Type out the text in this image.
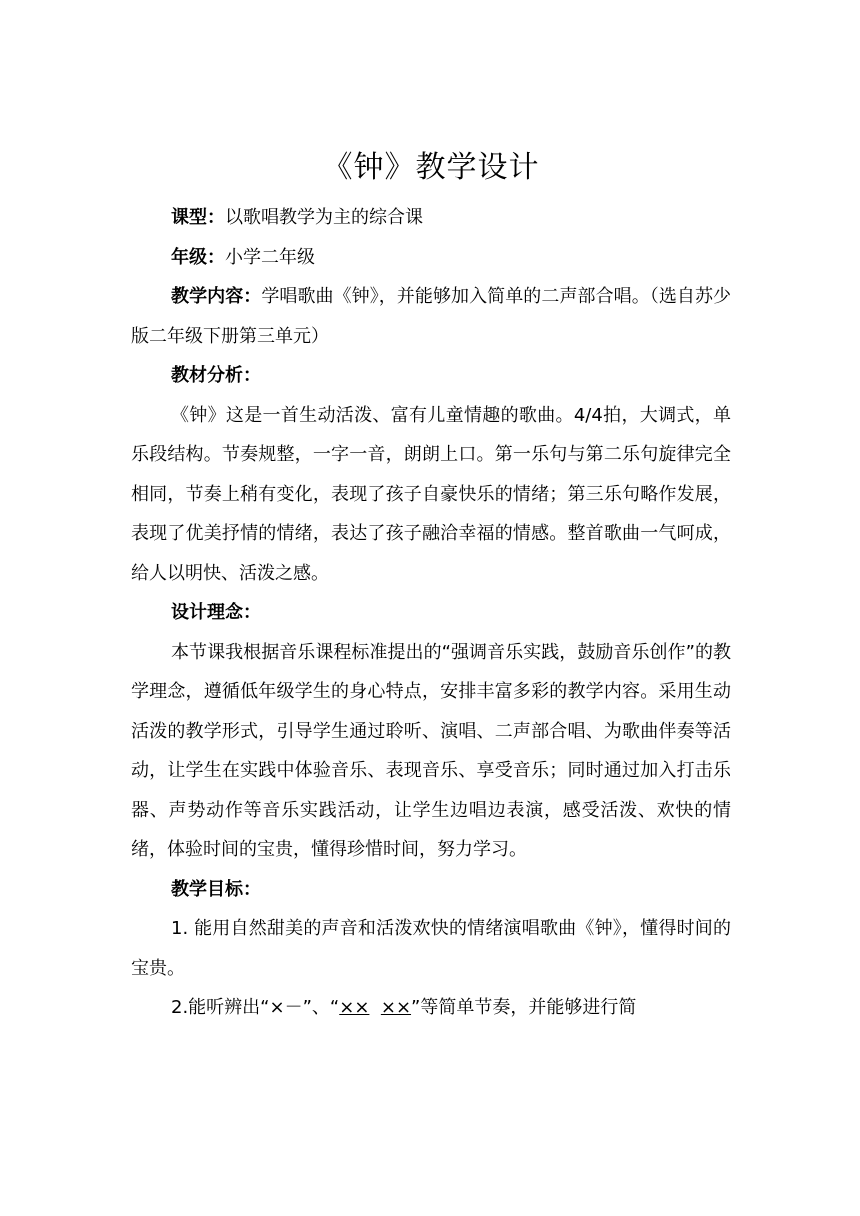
《钟》教学设计

课型：以歌唱教学为主的综合课

年级：小学二年级

教学内容：学唱歌曲《钟》，并能够加入简单的二声部合唱。（选自苏少版二年级下册第三单元）

教材分析：

《钟》这是一首生动活泼、富有儿童情趣的歌曲。4/4拍，大调式，单乐段结构。节奏规整，一字一音，朗朗上口。第一乐句与第二乐句旋律完全相同，节奏上稍有变化，表现了孩子自豪快乐的情绪；第三乐句略作发展，表现了优美抒情的情绪，表达了孩子融洽幸福的情感。整首歌曲一气呵成，给人以明快、活泼之感。

设计理念：

本节课我根据音乐课程标准提出的“强调音乐实践，鼓励音乐创作”的教学理念，遵循低年级学生的身心特点，安排丰富多彩的教学内容。采用生动活泼的教学形式，引导学生通过聆听、演唱、二声部合唱、为歌曲伴奏等活动，让学生在实践中体验音乐、表现音乐、享受音乐；同时通过加入打击乐器、声势动作等音乐实践活动，让学生边唱边表演，感受活泼、欢快的情绪，体验时间的宝贵，懂得珍惜时间，努力学习。

教学目标：

1. 能用自然甜美的声音和活泼欢快的情绪演唱歌曲《钟》，懂得时间的宝贵。

2.能听辨出“×－”、“×× ××”等简单节奏，并能够进行简
